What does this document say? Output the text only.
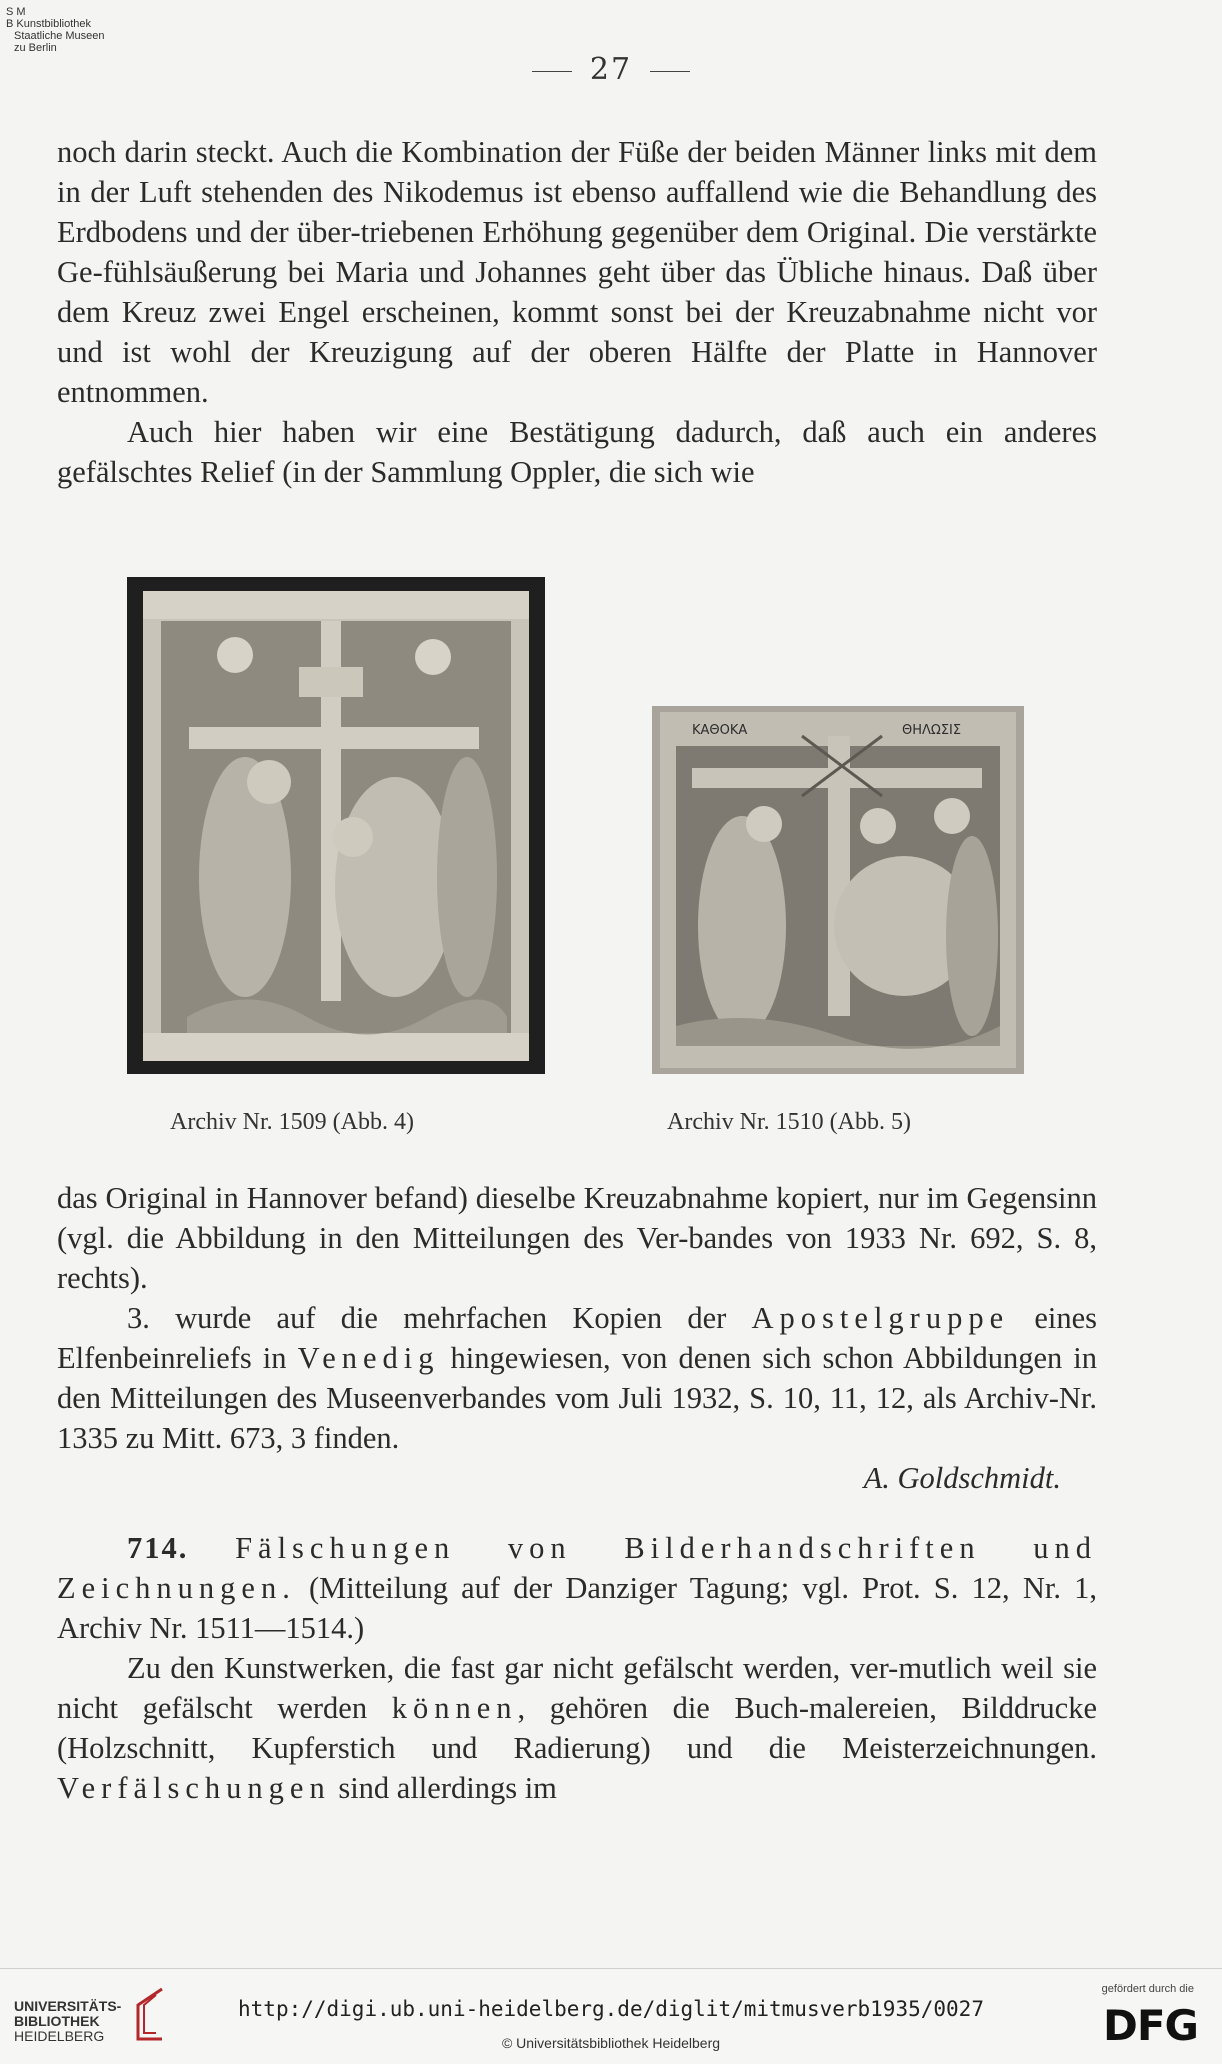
S M
B Kunstbibliothek
Staatliche Museen
zu Berlin
27

noch darin steckt. Auch die Kombination der Füße der beiden Männer links mit dem in der Luft stehenden des Nikodemus ist ebenso auffallend wie die Behandlung des Erdbodens und der über-triebenen Erhöhung gegenüber dem Original. Die verstärkte Ge-fühlsäußerung bei Maria und Johannes geht über das Übliche hinaus. Daß über dem Kreuz zwei Engel erscheinen, kommt sonst bei der Kreuzabnahme nicht vor und ist wohl der Kreuzigung auf der oberen Hälfte der Platte in Hannover entnommen.

Auch hier haben wir eine Bestätigung dadurch, daß auch ein anderes gefälschtes Relief (in der Sammlung Oppler, die sich wie

ΚΑΘΟΚΑ	ΘΗΛΩΣΙΣ
Archiv Nr. 1509 (Abb. 4)	Archiv Nr. 1510 (Abb. 5)

das Original in Hannover befand) dieselbe Kreuzabnahme kopiert, nur im Gegensinn (vgl. die Abbildung in den Mitteilungen des Ver-bandes von 1933 Nr. 692, S. 8, rechts).

3. wurde auf die mehrfachen Kopien der Apostelgruppe eines Elfenbeinreliefs in Venedig hingewiesen, von denen sich schon Abbildungen in den Mitteilungen des Museenverbandes vom Juli 1932, S. 10, 11, 12, als Archiv-Nr. 1335 zu Mitt. 673, 3 finden.

A. Goldschmidt.

714. Fälschungen von Bilderhandschriften und Zeichnungen. (Mitteilung auf der Danziger Tagung; vgl. Prot. S. 12, Nr. 1, Archiv Nr. 1511—1514.)

Zu den Kunstwerken, die fast gar nicht gefälscht werden, ver-mutlich weil sie nicht gefälscht werden können, gehören die Buch-malereien, Bilddrucke (Holzschnitt, Kupferstich und Radierung) und die Meisterzeichnungen. Verfälschungen sind allerdings im

UNIVERSITÄTS-
BIBLIOTHEK
HEIDELBERG
http://digi.ub.uni-heidelberg.de/diglit/mitmusverb1935/0027
© Universitätsbibliothek Heidelberg
gefördert durch die
DFG
